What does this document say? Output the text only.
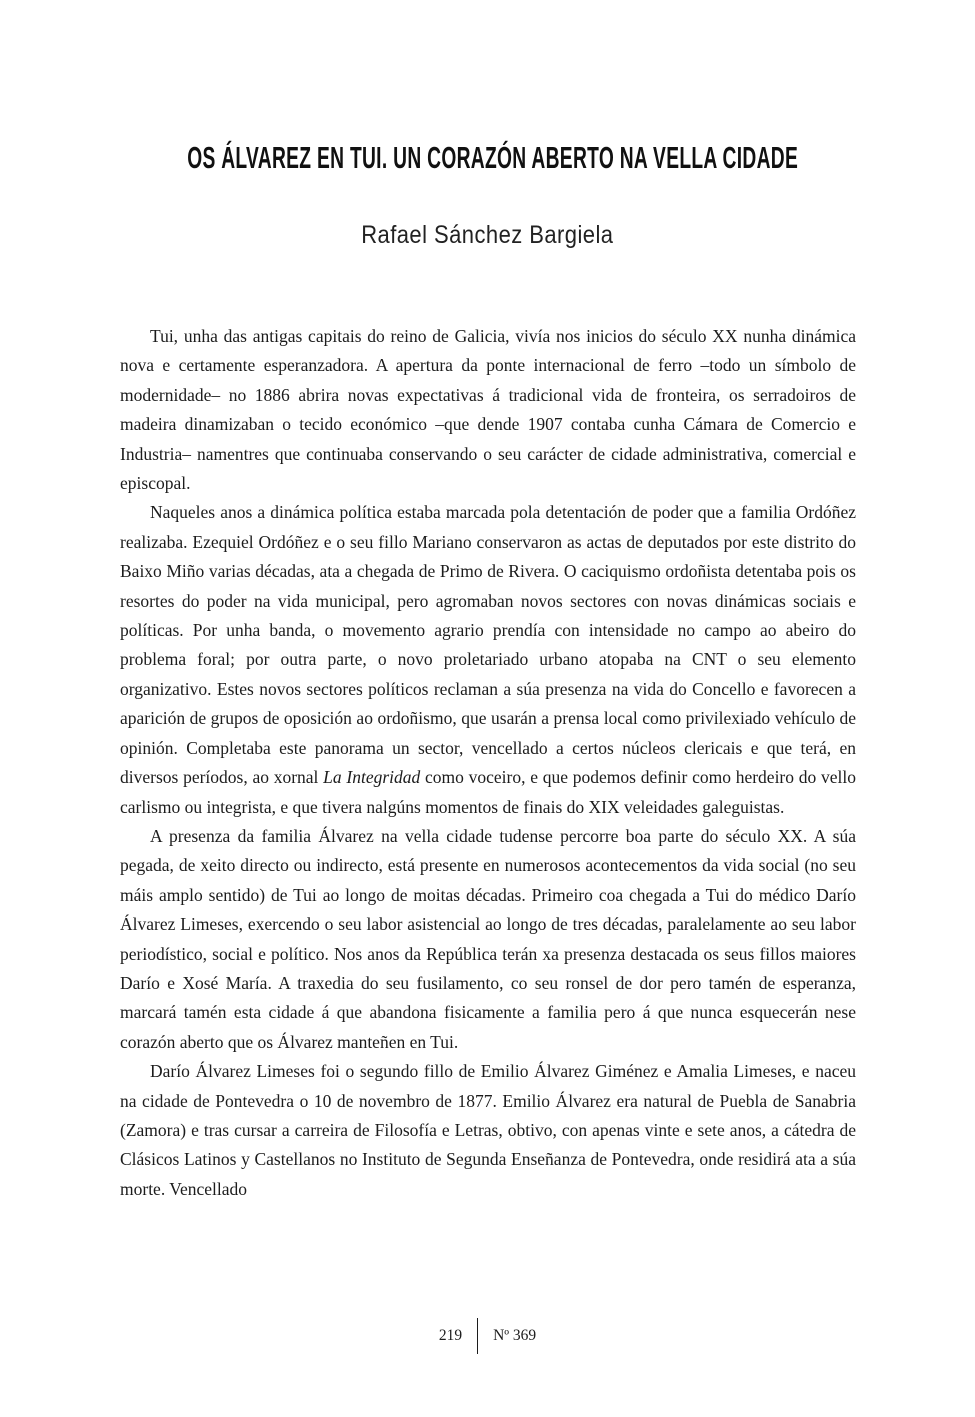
OS ÁLVAREZ EN TUI. UN CORAZÓN ABERTO NA VELLA CIDADE
Rafael Sánchez Bargiela

Tui, unha das antigas capitais do reino de Galicia, vivía nos inicios do século XX nunha dinámica nova e certamente esperanzadora. A apertura da ponte internacional de ferro –todo un símbolo de modernidade– no 1886 abrira novas expectativas á tradicional vida de fronteira, os serradoiros de madeira dinamizaban o tecido económico –que dende 1907 contaba cunha Cámara de Comercio e Industria– namentres que continuaba conservando o seu carácter de cidade administrativa, comercial e episcopal.

Naqueles anos a dinámica política estaba marcada pola detentación de poder que a familia Ordóñez realizaba. Ezequiel Ordóñez e o seu fillo Mariano conservaron as actas de deputados por este distrito do Baixo Miño varias décadas, ata a chegada de Primo de Rivera. O caciquismo ordoñista detentaba pois os resortes do poder na vida municipal, pero agromaban novos sectores con novas dinámicas sociais e políticas. Por unha banda, o movemento agrario prendía con intensidade no campo ao abeiro do problema foral; por outra parte, o novo proletariado urbano atopaba na CNT o seu elemento organizativo. Estes novos sectores políticos reclaman a súa presenza na vida do Concello e favorecen a aparición de grupos de oposición ao ordoñismo, que usarán a prensa local como privilexiado vehículo de opinión. Completaba este panorama un sector, vencellado a certos núcleos clericais e que terá, en diversos períodos, ao xornal La Integridad como voceiro, e que podemos definir como herdeiro do vello carlismo ou integrista, e que tivera nalgúns momentos de finais do XIX veleidades galeguistas.

A presenza da familia Álvarez na vella cidade tudense percorre boa parte do século XX. A súa pegada, de xeito directo ou indirecto, está presente en numerosos acontecementos da vida social (no seu máis amplo sentido) de Tui ao longo de moitas décadas. Primeiro coa chegada a Tui do médico Darío Álvarez Limeses, exercendo o seu labor asistencial ao longo de tres décadas, paralelamente ao seu labor periodístico, social e político. Nos anos da República terán xa presenza destacada os seus fillos maiores Darío e Xosé María. A traxedia do seu fusilamento, co seu ronsel de dor pero tamén de esperanza, marcará tamén esta cidade á que abandona fisicamente a familia pero á que nunca esquecerán nese corazón aberto que os Álvarez manteñen en Tui.

Darío Álvarez Limeses foi o segundo fillo de Emilio Álvarez Giménez e Amalia Limeses, e naceu na cidade de Pontevedra o 10 de novembro de 1877. Emilio Álvarez era natural de Puebla de Sanabria (Zamora) e tras cursar a carreira de Filosofía e Letras, obtivo, con apenas vinte e sete anos, a cátedra de Clásicos Latinos y Castellanos no Instituto de Segunda Enseñanza de Pontevedra, onde residirá ata a súa morte. Vencellado

219 Nº 369
